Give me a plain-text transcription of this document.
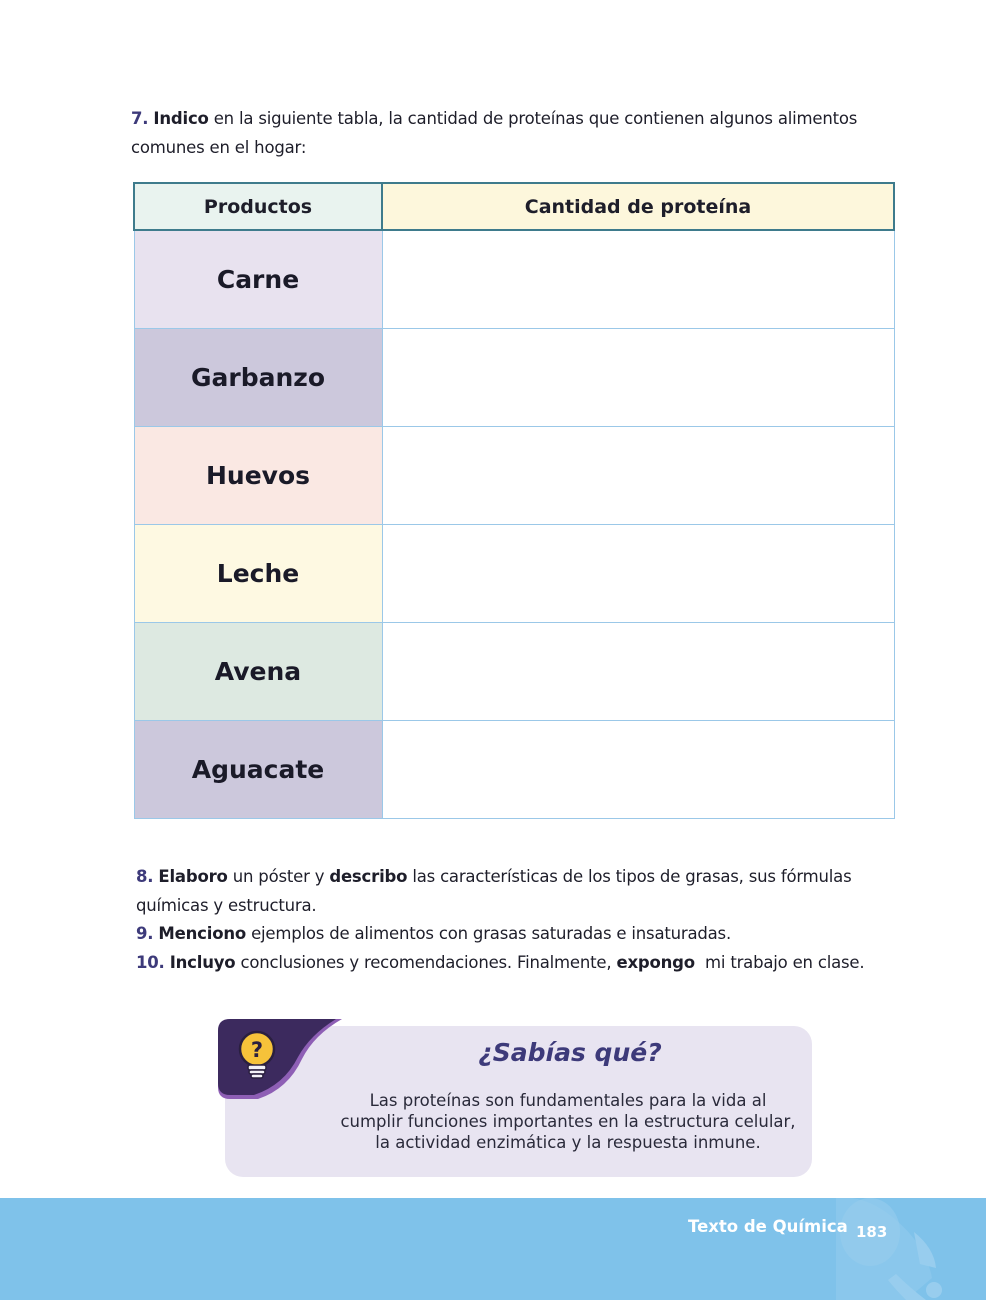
7. Indico en la siguiente tabla, la cantidad de proteínas que contienen algunos alimentos comunes en el hogar:

Productos	Cantidad de proteína
Carne	
Garbanzo	
Huevos	
Leche	
Avena	
Aguacate	

8. Elaboro un póster y describo las características de los tipos de grasas, sus fórmulas químicas y estructura.

9. Menciono ejemplos de alimentos con grasas saturadas e insaturadas.

10. Incluyo conclusiones y recomendaciones. Finalmente, expongo  mi trabajo en clase.

?	¿Sabías qué?
Las proteínas son fundamentales para la vida al cumplir funciones importantes en la estructura celular, la actividad enzimática y la respuesta inmune.
Texto de Química 183
